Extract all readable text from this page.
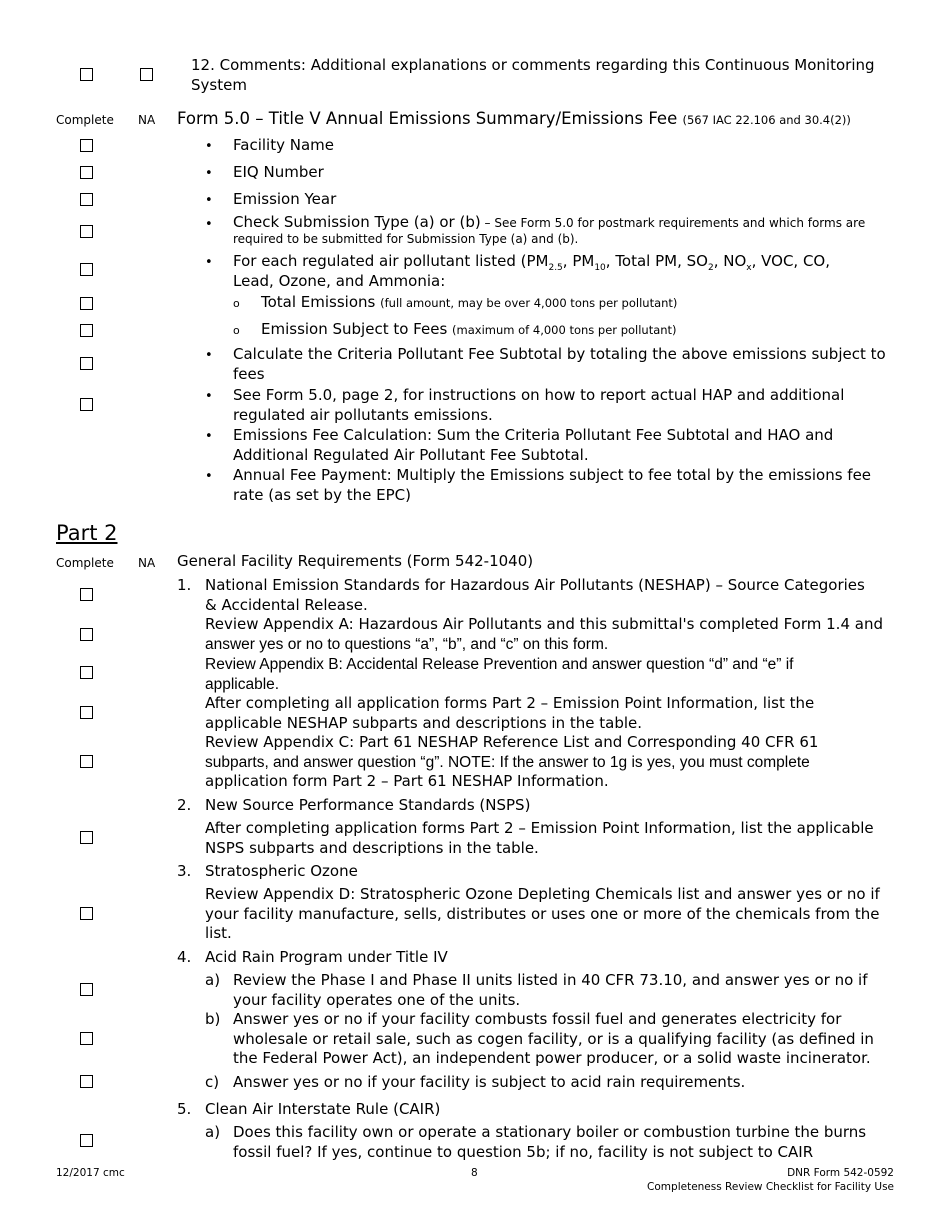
12. Comments: Additional explanations or comments regarding this Continuous Monitoring System
Complete NA Form 5.0 – Title V Annual Emissions Summary/Emissions Fee (567 IAC 22.106 and 30.4(2))
• Facility Name
• EIQ Number
• Emission Year
• Check Submission Type (a) or (b) – See Form 5.0 for postmark requirements and which forms are required to be submitted for Submission Type (a) and (b).
• For each regulated air pollutant listed ($PM_{2.5}$, $PM_{10}$, Total PM, $SO_2$, $NO_x$, VOC, CO,
Lead, Ozone, and Ammonia:
o Total Emissions (full amount, may be over 4,000 tons per pollutant)
o Emission Subject to Fees (maximum of 4,000 tons per pollutant)
• Calculate the Criteria Pollutant Fee Subtotal by totaling the above emissions subject to fees
• See Form 5.0, page 2, for instructions on how to report actual HAP and additional regulated air pollutants emissions.
• Emissions Fee Calculation: Sum the Criteria Pollutant Fee Subtotal and HAO and Additional Regulated Air Pollutant Fee Subtotal.
• Annual Fee Payment: Multiply the Emissions subject to fee total by the emissions fee rate (as set by the EPC)
Part 2
Complete NA General Facility Requirements (Form 542-1040)
1. National Emission Standards for Hazardous Air Pollutants (NESHAP) – Source Categories
& Accidental Release.
Review Appendix A: Hazardous Air Pollutants and this submittal's completed Form 1.4 and
answer yes or no to questions “a”, “b”, and “c” on this form.
Review Appendix B: Accidental Release Prevention and answer question “d” and “e” if
applicable.
After completing all application forms Part 2 – Emission Point Information, list the
applicable NESHAP subparts and descriptions in the table.
Review Appendix C: Part 61 NESHAP Reference List and Corresponding 40 CFR 61
subparts, and answer question “g”. NOTE: If the answer to 1g is yes, you must complete
application form Part 2 – Part 61 NESHAP Information.
2. New Source Performance Standards (NSPS)
After completing application forms Part 2 – Emission Point Information, list the applicable
NSPS subparts and descriptions in the table.
3. Stratospheric Ozone
Review Appendix D: Stratospheric Ozone Depleting Chemicals list and answer yes or no if
your facility manufacture, sells, distributes or uses one or more of the chemicals from the
list.
4. Acid Rain Program under Title IV
a) Review the Phase I and Phase II units listed in 40 CFR 73.10, and answer yes or no if
your facility operates one of the units.
b) Answer yes or no if your facility combusts fossil fuel and generates electricity for
wholesale or retail sale, such as cogen facility, or is a qualifying facility (as defined in
the Federal Power Act), an independent power producer, or a solid waste incinerator.
c) Answer yes or no if your facility is subject to acid rain requirements.
5. Clean Air Interstate Rule (CAIR)
a) Does this facility own or operate a stationary boiler or combustion turbine the burns
fossil fuel? If yes, continue to question 5b; if no, facility is not subject to CAIR
12/2017 cmc	8	DNR Form 542-0592
Completeness Review Checklist for Facility Use
